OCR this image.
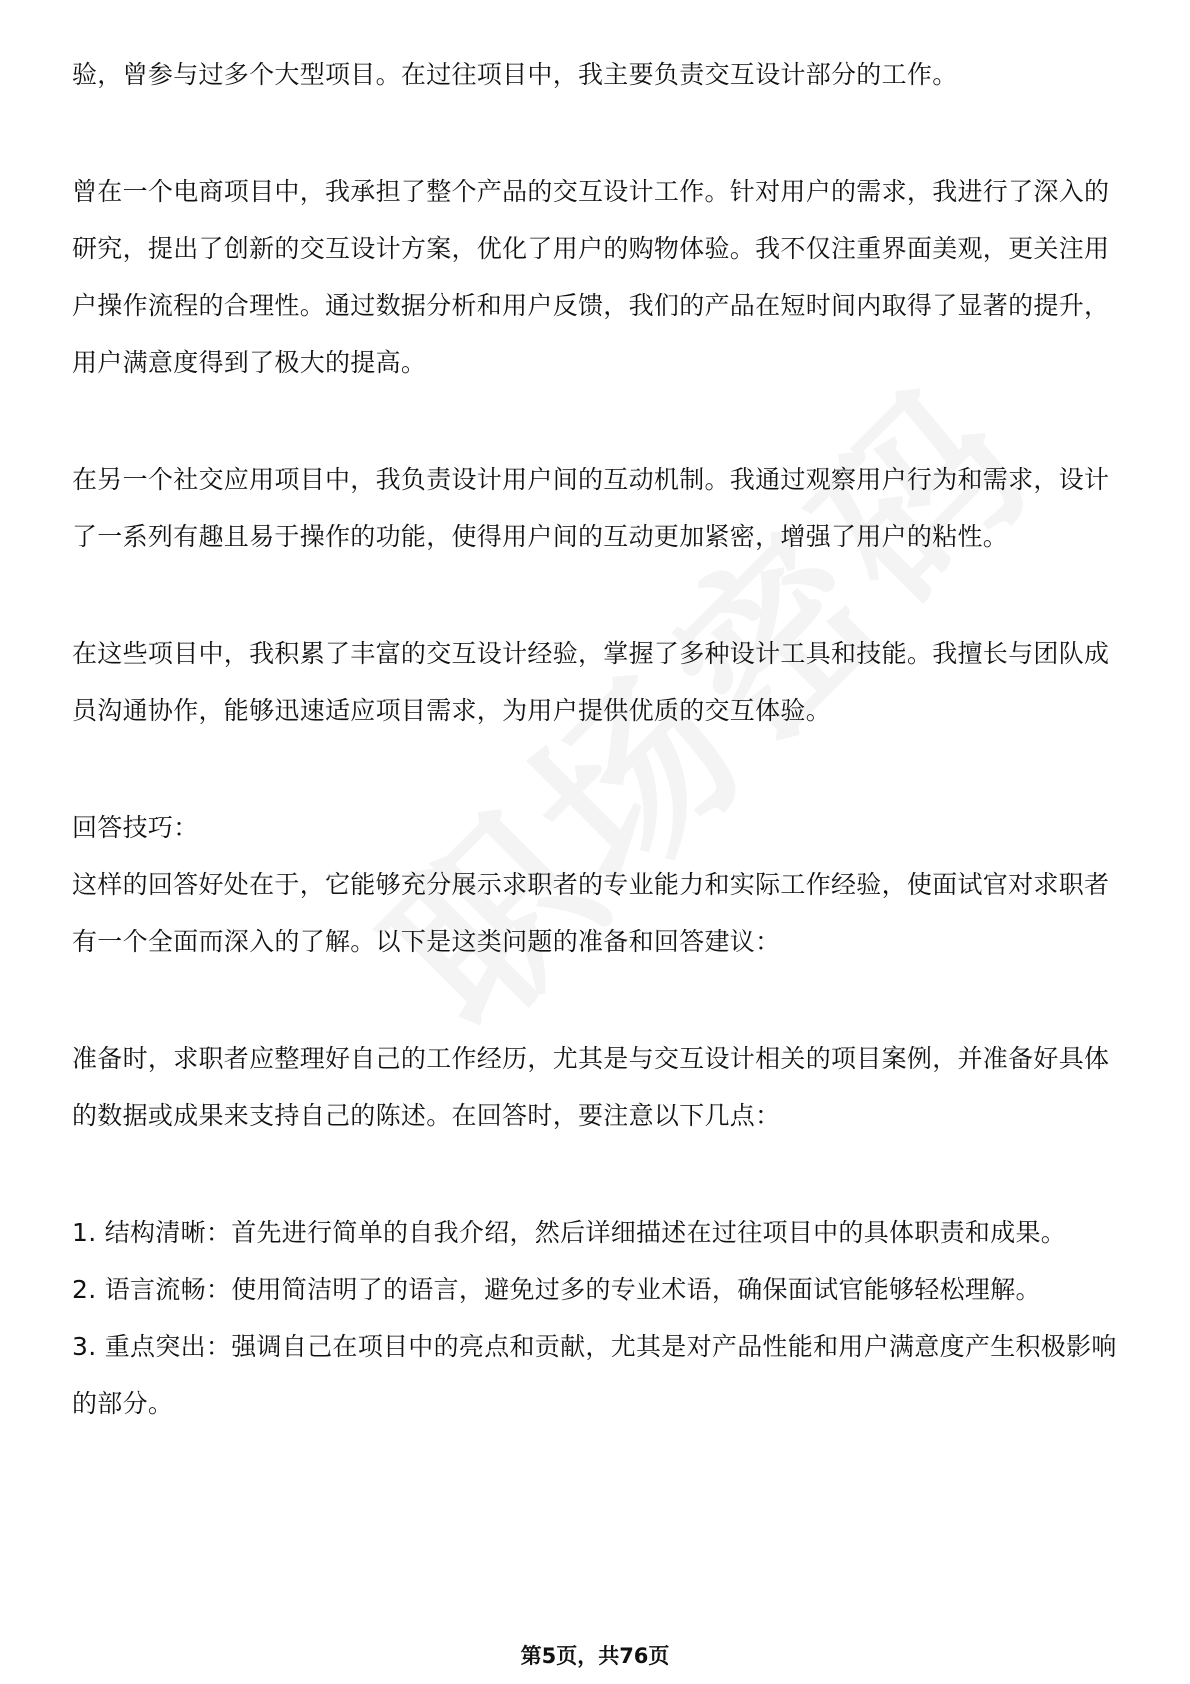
验，曾参与过多个大型项目。在过往项目中，我主要负责交互设计部分的工作。

曾在一个电商项目中，我承担了整个产品的交互设计工作。针对用户的需求，我进行了深入的研究，提出了创新的交互设计方案，优化了用户的购物体验。我不仅注重界面美观，更关注用户操作流程的合理性。通过数据分析和用户反馈，我们的产品在短时间内取得了显著的提升，用户满意度得到了极大的提高。

在另一个社交应用项目中，我负责设计用户间的互动机制。我通过观察用户行为和需求，设计了一系列有趣且易于操作的功能，使得用户间的互动更加紧密，增强了用户的粘性。

在这些项目中，我积累了丰富的交互设计经验，掌握了多种设计工具和技能。我擅长与团队成员沟通协作，能够迅速适应项目需求，为用户提供优质的交互体验。

回答技巧：

这样的回答好处在于，它能够充分展示求职者的专业能力和实际工作经验，使面试官对求职者有一个全面而深入的了解。以下是这类问题的准备和回答建议：

准备时，求职者应整理好自己的工作经历，尤其是与交互设计相关的项目案例，并准备好具体的数据或成果来支持自己的陈述。在回答时，要注意以下几点：

1. 结构清晰：首先进行简单的自我介绍，然后详细描述在过往项目中的具体职责和成果。
2. 语言流畅：使用简洁明了的语言，避免过多的专业术语，确保面试官能够轻松理解。
3. 重点突出：强调自己在项目中的亮点和贡献，尤其是对产品性能和用户满意度产生积极影响的部分。
第5页，共76页
